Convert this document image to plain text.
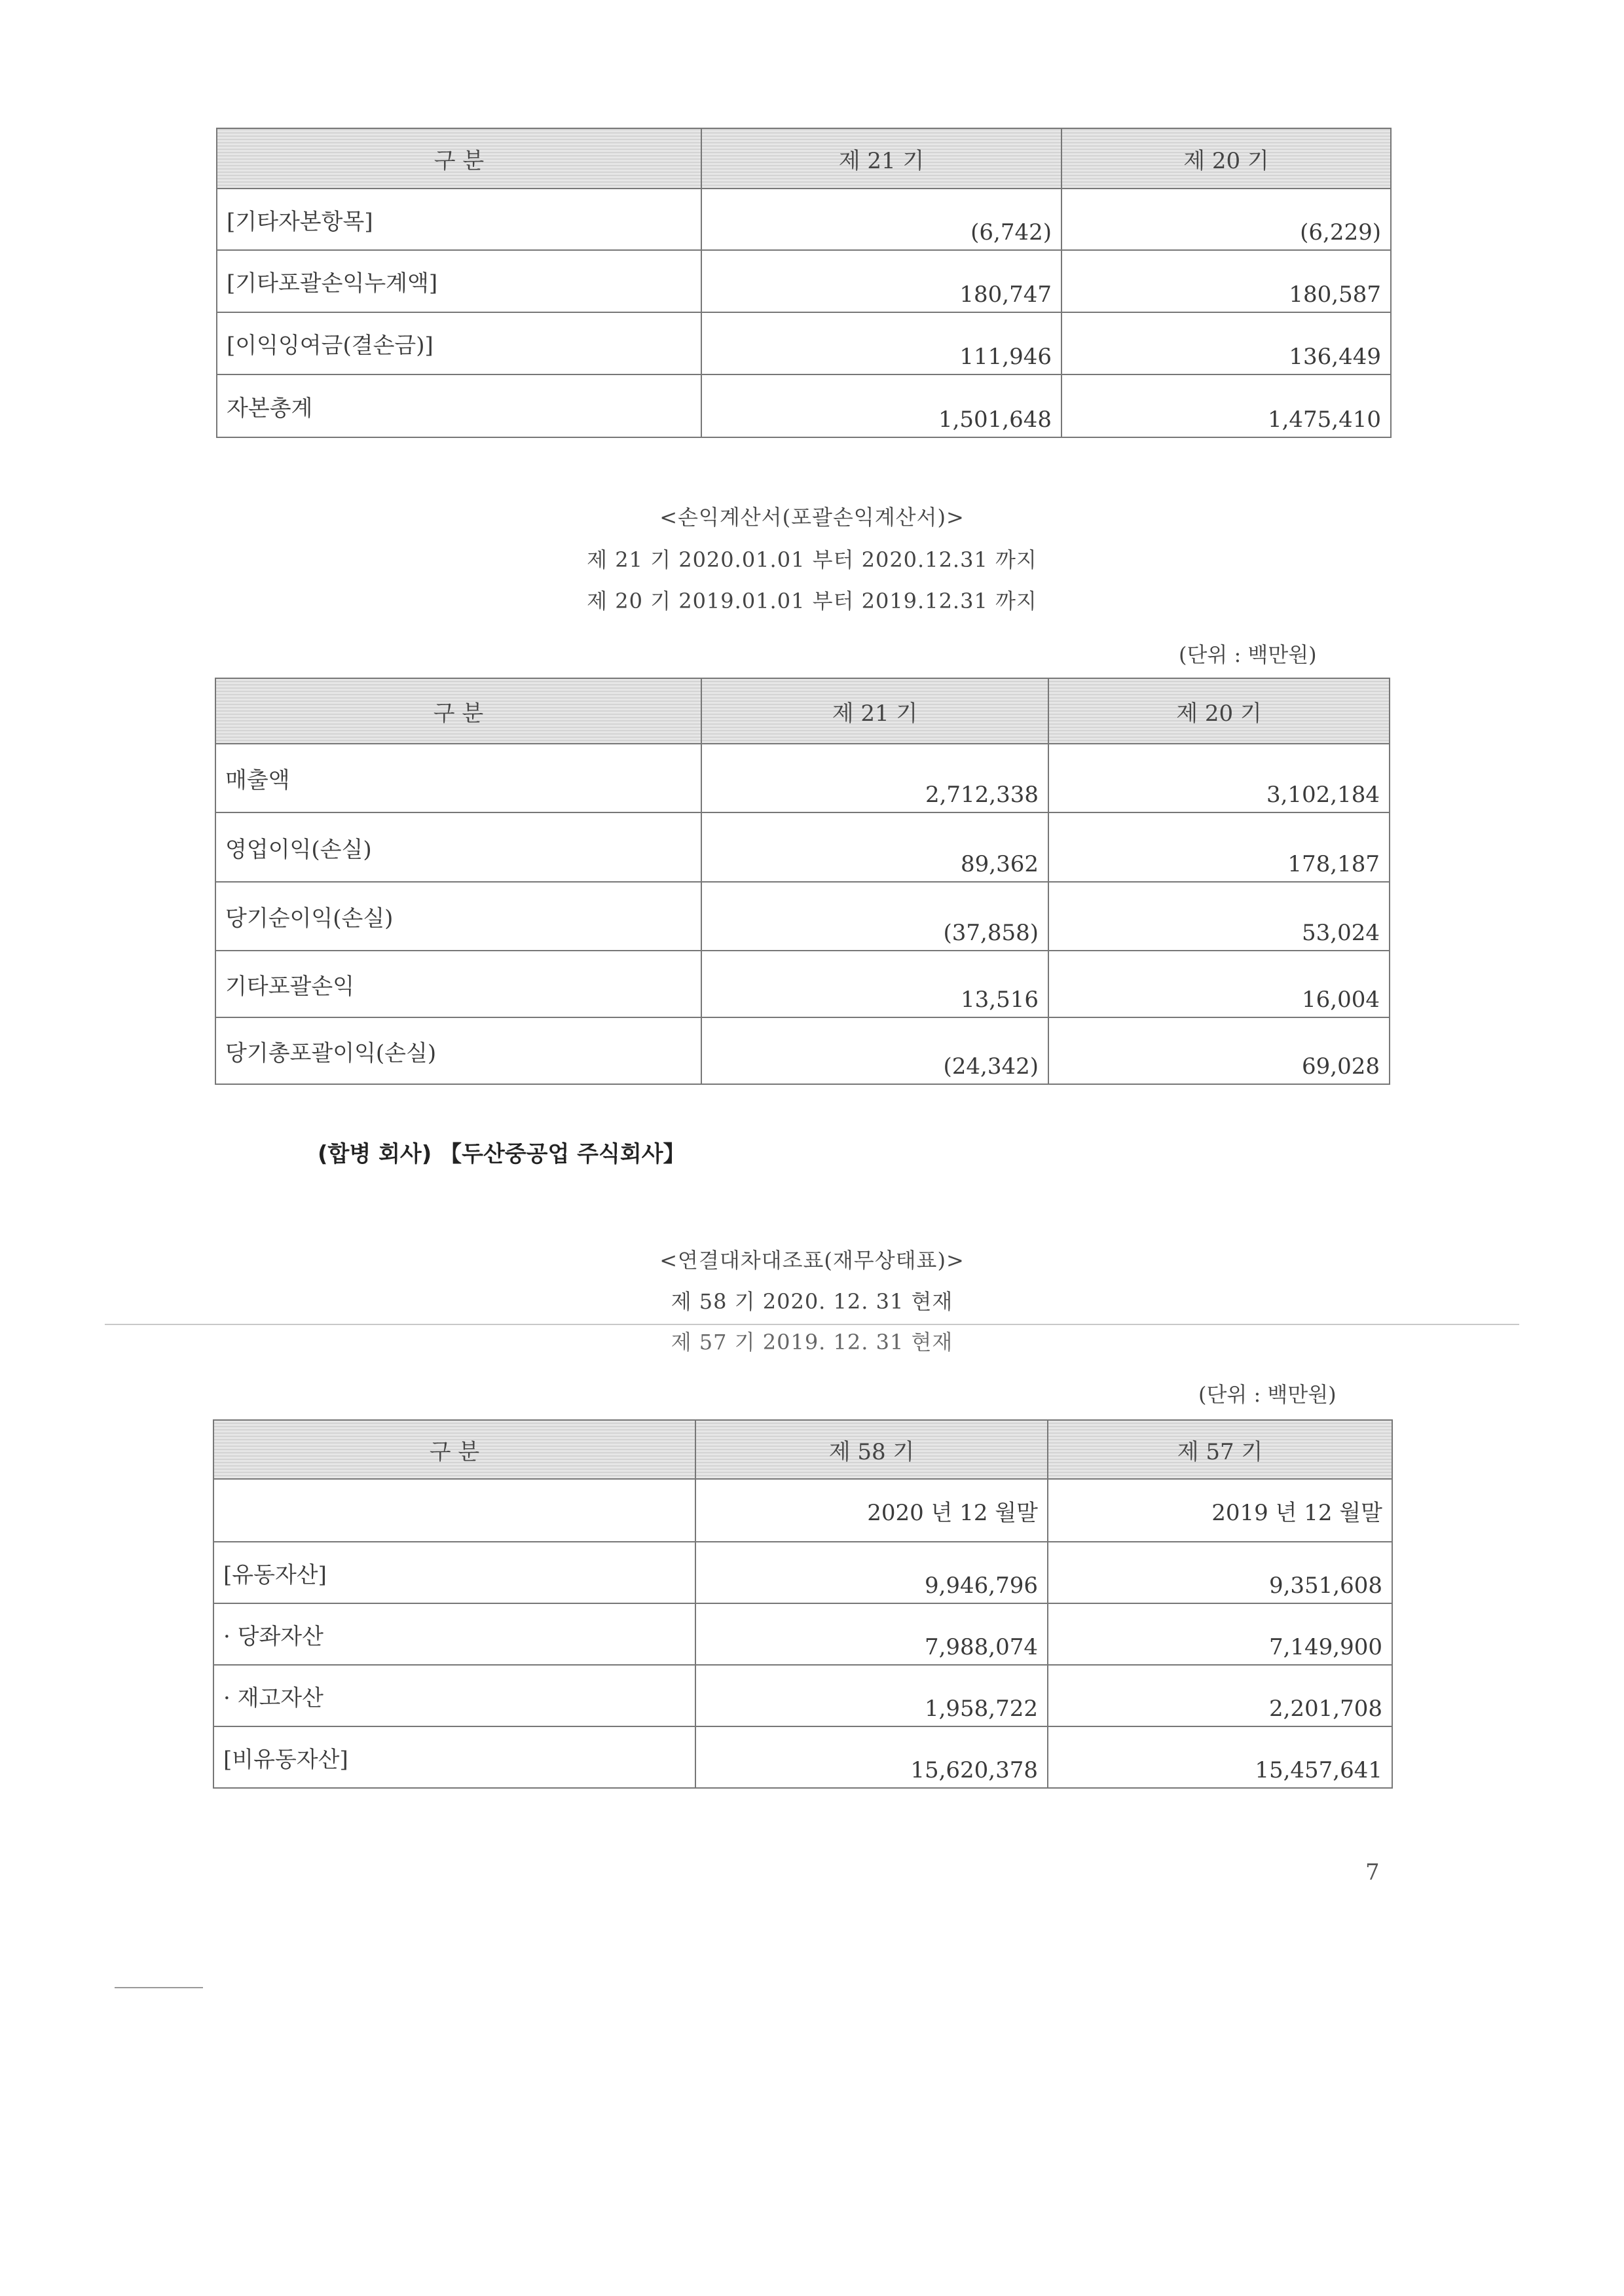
구 분	제 21 기	제 20 기
[기타자본항목]	(6,742)	(6,229)
[기타포괄손익누계액]	180,747	180,587
[이익잉여금(결손금)]	111,946	136,449
자본총계	1,501,648	1,475,410
<손익계산서(포괄손익계산서)>
제 21 기 2020.01.01 부터 2020.12.31 까지
제 20 기 2019.01.01 부터 2019.12.31 까지
(단위 : 백만원)
구 분	제 21 기	제 20 기
매출액	2,712,338	3,102,184
영업이익(손실)	89,362	178,187
당기순이익(손실)	(37,858)	53,024
기타포괄손익	13,516	16,004
당기총포괄이익(손실)	(24,342)	69,028
(합병 회사) 【두산중공업 주식회사】
<연결대차대조표(재무상태표)>
제 58 기 2020. 12. 31 현재
제 57 기 2019. 12. 31 현재
(단위 : 백만원)
구 분	제 58 기	제 57 기
	2020 년 12 월말	2019 년 12 월말
[유동자산]	9,946,796	9,351,608
· 당좌자산	7,988,074	7,149,900
· 재고자산	1,958,722	2,201,708
[비유동자산]	15,620,378	15,457,641
7
